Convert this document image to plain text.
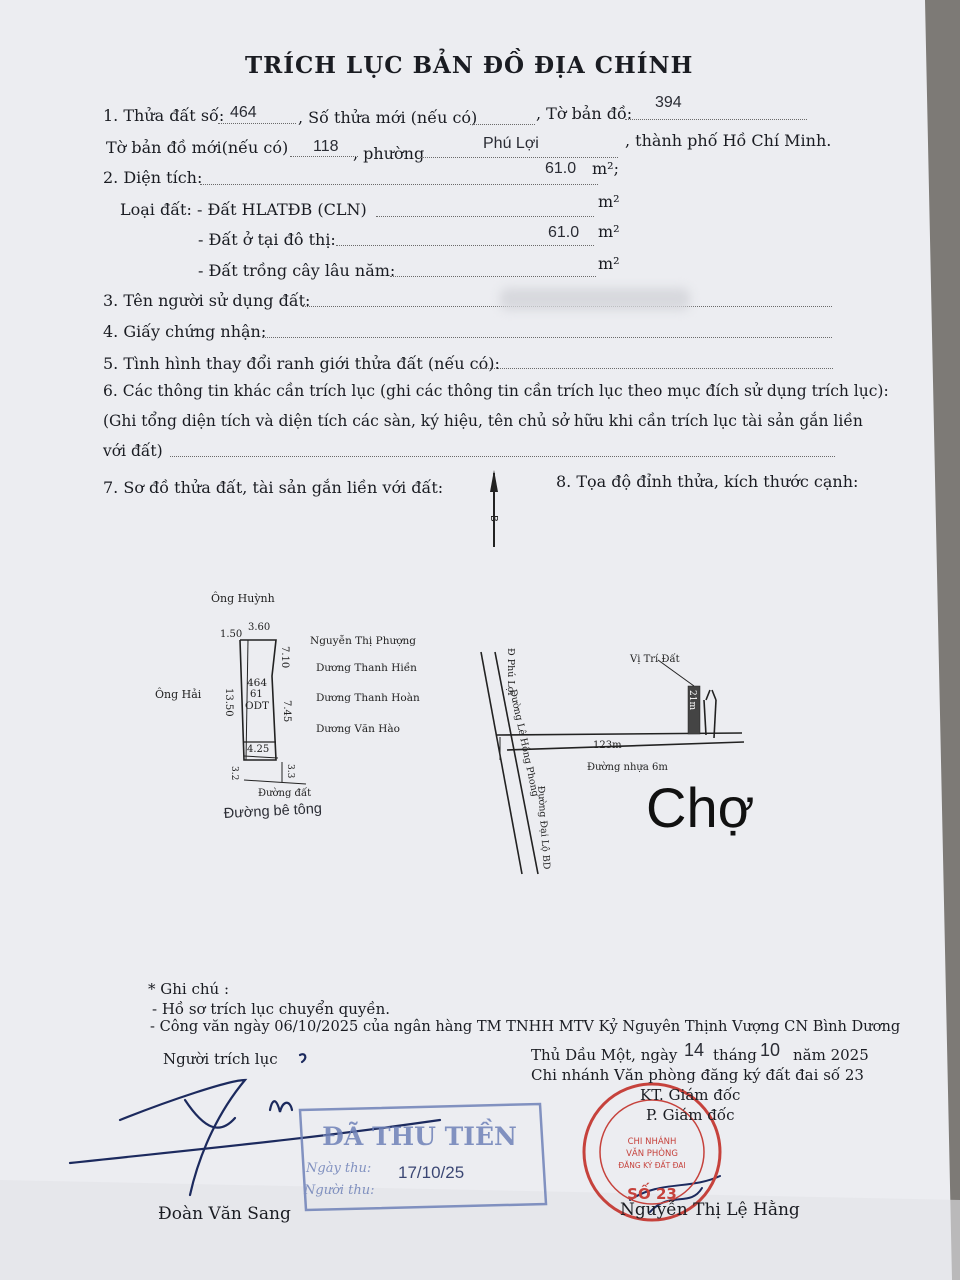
TRÍCH LỤC BẢN ĐỒ ĐỊA CHÍNH
1. Thửa đất số: 464	, Số thửa mới (nếu có)	, Tờ bản đồ:
394
Tờ bản đồ mới(nếu có) 118 , phường
Phú Lợi	, thành phố Hồ Chí Minh.
2. Diện tích:	61.0 m²;
Loại đất: - Đất HLATĐB (CLN)	m²
- Đất ở tại đô thị:	61.0 m²
- Đất trồng cây lâu năm:	m²
3. Tên người sử dụng đất:
4. Giấy chứng nhận:
5. Tình hình thay đổi ranh giới thửa đất (nếu có):
6. Các thông tin khác cần trích lục (ghi các thông tin cần trích lục theo mục đích sử dụng trích lục):
(Ghi tổng diện tích và diện tích các sàn, ký hiệu, tên chủ sở hữu khi cần trích lục tài sản gắn liền
với đất)
7. Sơ đồ thửa đất, tài sản gắn liền với đất:	8. Tọa độ đỉnh thửa, kích thước cạnh:
B
Ông Huỳnh
Ông Hải
Nguyễn Thị Phượng
Dương Thanh Hiền
Dương Thanh Hoàn
Dương Văn Hào
1.50
3.60
7.10
13.50	7.45
4.25
3.2	3.3
464
61
ODT
Đường đất
Đường bê tông
Đ Phú Lợi
Đường Lê Hồng Phong
Đường Đại Lộ BD
123m
Đường nhựa 6m
Vị Trí Đất
21m
Chợ
ĐÃ THU TIỀN
Ngày thu: 17/10/25
Người thu:
CHI NHÁNH
VĂN PHÒNG
ĐĂNG KÝ ĐẤT ĐAI
SỐ 23
* Ghi chú :
- Hồ sơ trích lục chuyển quyền.
- Công văn ngày 06/10/2025 của ngân hàng TM TNHH MTV Kỷ Nguyên Thịnh Vượng CN Bình Dương
Người trích lục	Thủ Dầu Một, ngày 14 tháng 10 năm 2025
Chi nhánh Văn phòng đăng ký đất đai số 23
KT. Giám đốc
P. Giám đốc
Đoàn Văn Sang	Nguyễn Thị Lệ Hằng
